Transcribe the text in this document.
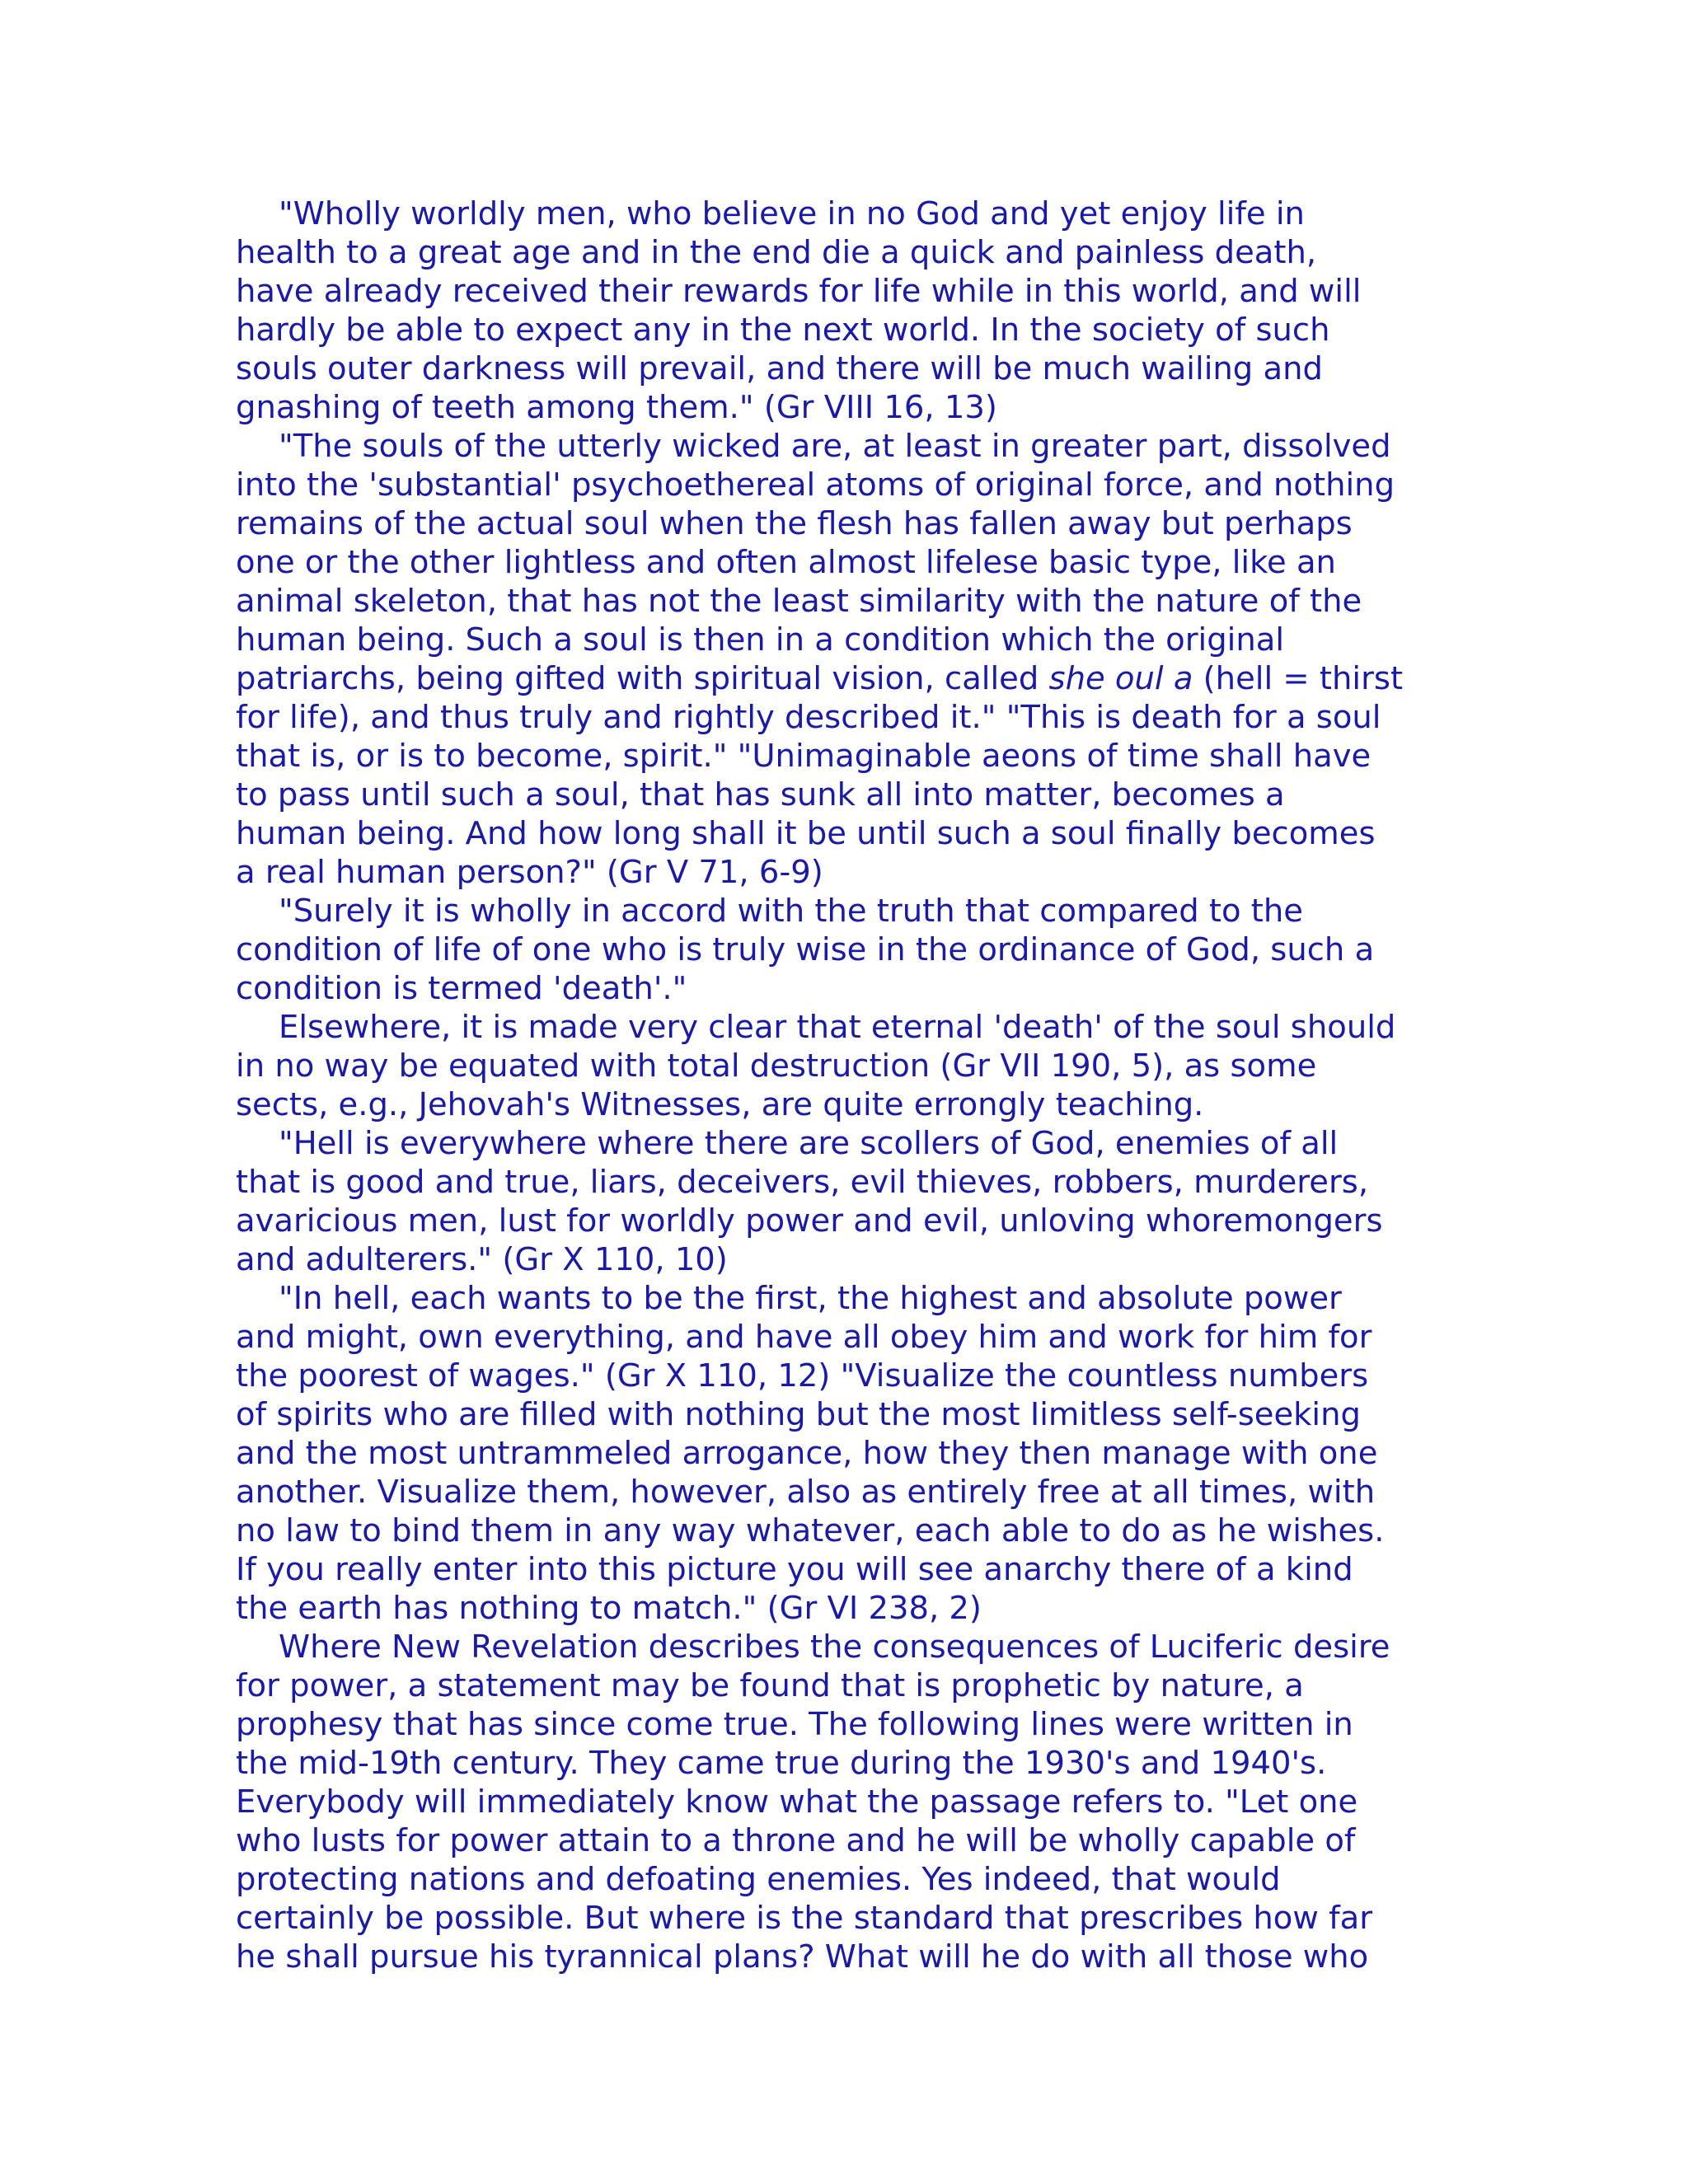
"Wholly worldly men, who believe in no God and yet enjoy life in
health to a great age and in the end die a quick and painless death,
have already received their rewards for life while in this world, and will
hardly be able to expect any in the next world. In the society of such
souls outer darkness will prevail, and there will be much wailing and
gnashing of teeth among them." (Gr VIII 16, 13)

"The souls of the utterly wicked are, at least in greater part, dissolved
into the 'substantial' psychoethereal atoms of original force, and nothing
remains of the actual soul when the flesh has fallen away but perhaps
one or the other lightless and often almost lifelese basic type, like an
animal skeleton, that has not the least similarity with the nature of the
human being. Such a soul is then in a condition which the original
patriarchs, being gifted with spiritual vision, called she oul a (hell = thirst
for life), and thus truly and rightly described it." "This is death for a soul
that is, or is to become, spirit." "Unimaginable aeons of time shall have
to pass until such a soul, that has sunk all into matter, becomes a
human being. And how long shall it be until such a soul finally becomes
a real human person?" (Gr V 71, 6-9)

"Surely it is wholly in accord with the truth that compared to the
condition of life of one who is truly wise in the ordinance of God, such a
condition is termed 'death'."

Elsewhere, it is made very clear that eternal 'death' of the soul should
in no way be equated with total destruction (Gr VII 190, 5), as some
sects, e.g., Jehovah's Witnesses, are quite errongly teaching.

"Hell is everywhere where there are scollers of God, enemies of all
that is good and true, liars, deceivers, evil thieves, robbers, murderers,
avaricious men, lust for worldly power and evil, unloving whoremongers
and adulterers." (Gr X 110, 10)

"In hell, each wants to be the first, the highest and absolute power
and might, own everything, and have all obey him and work for him for
the poorest of wages." (Gr X 110, 12) "Visualize the countless numbers
of spirits who are filled with nothing but the most Iimitless self-seeking
and the most untrammeled arrogance, how they then manage with one
another. Visualize them, however, also as entirely free at all times, with
no law to bind them in any way whatever, each able to do as he wishes.
If you really enter into this picture you will see anarchy there of a kind
the earth has nothing to match." (Gr VI 238, 2)

Where New Revelation describes the consequences of Luciferic desire
for power, a statement may be found that is prophetic by nature, a
prophesy that has since come true. The following lines were written in
the mid-19th century. They came true during the 1930's and 1940's.
Everybody will immediately know what the passage refers to. "Let one
who lusts for power attain to a throne and he will be wholly capable of
protecting nations and defoating enemies. Yes indeed, that would
certainly be possible. But where is the standard that prescribes how far
he shall pursue his tyrannical plans? What will he do with all those who
